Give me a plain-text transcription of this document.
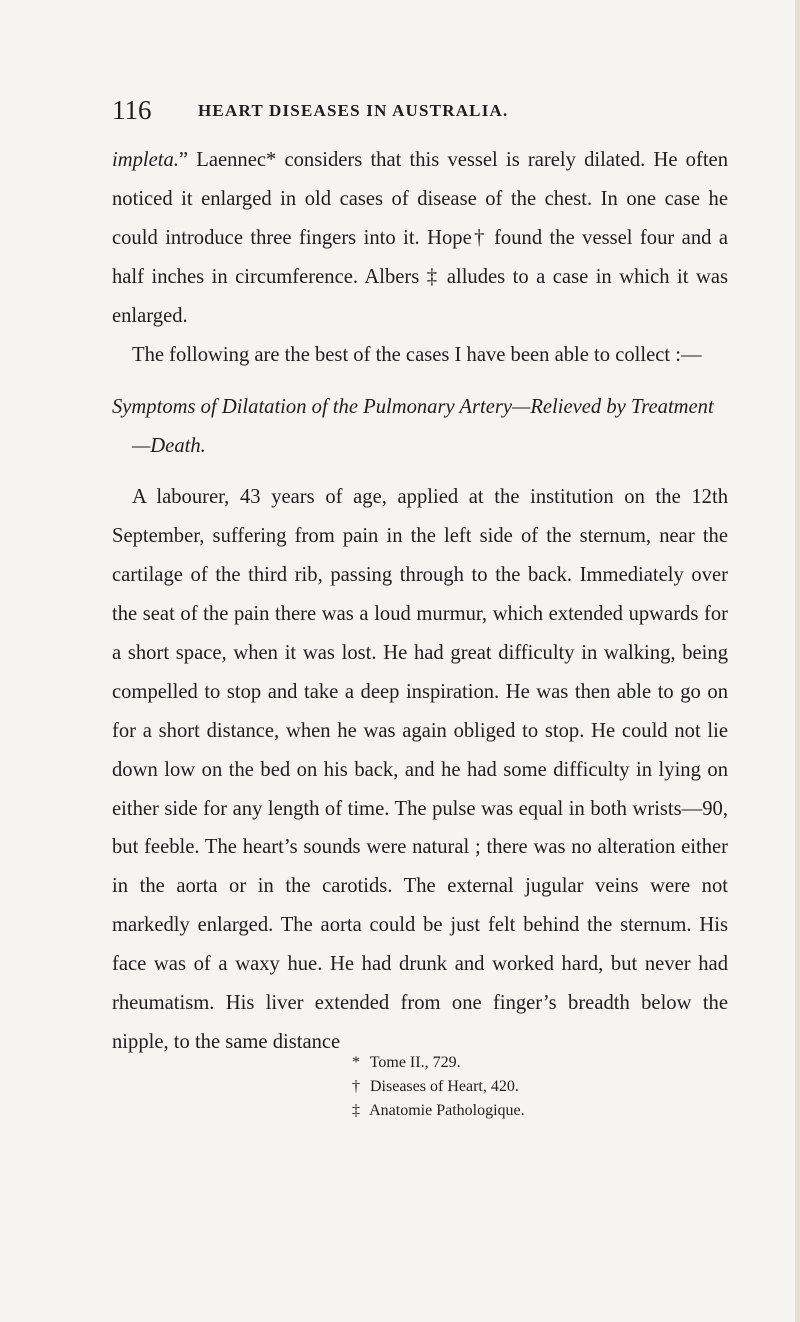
116	HEART DISEASES IN AUSTRALIA.

impleta.” Laennec* considers that this vessel is rarely dilated. He often noticed it enlarged in old cases of disease of the chest. In one case he could introduce three fingers into it. Hope† found the vessel four and a half inches in circumference. Albers ‡ alludes to a case in which it was enlarged.

The following are the best of the cases I have been able to collect :—

Symptoms of Dilatation of the Pulmonary Artery—Relieved by Treatment—Death.

A labourer, 43 years of age, applied at the institution on the 12th September, suffering from pain in the left side of the sternum, near the cartilage of the third rib, passing through to the back. Immediately over the seat of the pain there was a loud murmur, which extended upwards for a short space, when it was lost. He had great difficulty in walking, being compelled to stop and take a deep inspiration. He was then able to go on for a short distance, when he was again obliged to stop. He could not lie down low on the bed on his back, and he had some difficulty in lying on either side for any length of time. The pulse was equal in both wrists—90, but feeble. The heart’s sounds were natural ; there was no alteration either in the aorta or in the carotids. The external jugular veins were not markedly enlarged. The aorta could be just felt behind the sternum. His face was of a waxy hue. He had drunk and worked hard, but never had rheumatism. His liver extended from one finger’s breadth below the nipple, to the same distance

* Tome II., 729.
† Diseases of Heart, 420.
‡ Anatomie Pathologique.
